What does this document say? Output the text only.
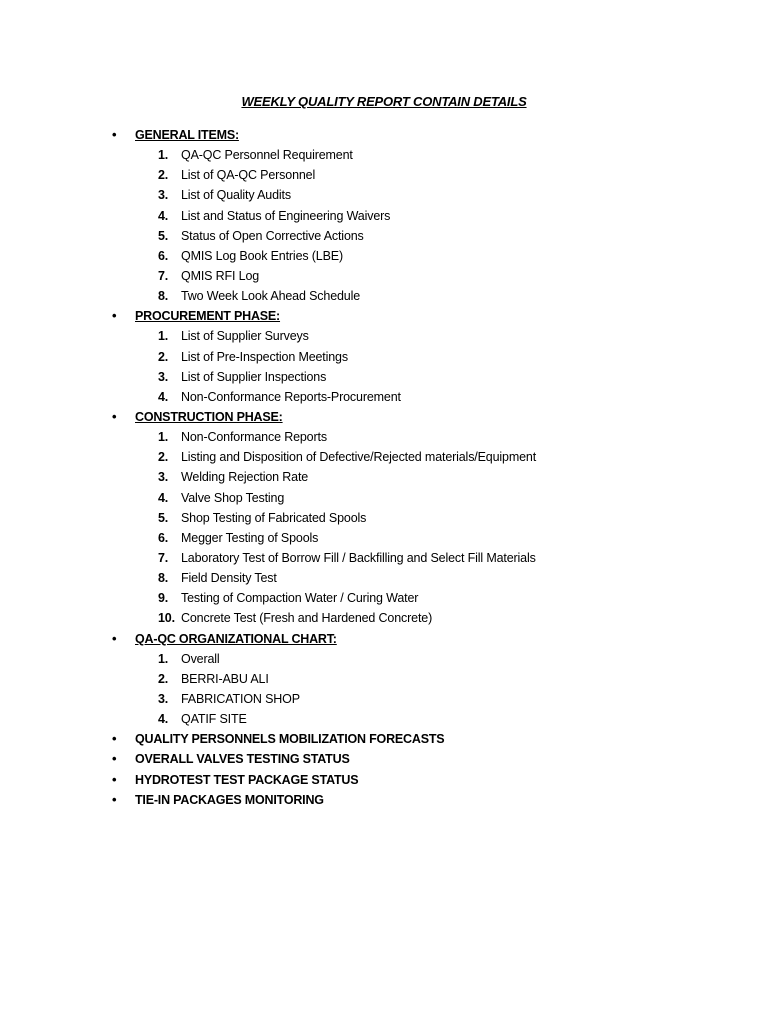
WEEKLY QUALITY REPORT CONTAIN DETAILS
•	GENERAL ITEMS:
1.	QA-QC Personnel Requirement
2.	List of QA-QC Personnel
3.	List of Quality Audits
4.	List and Status of Engineering Waivers
5.	Status of Open Corrective Actions
6.	QMIS Log Book Entries (LBE)
7.	QMIS RFI Log
8.	Two Week Look Ahead Schedule
•	PROCUREMENT PHASE:
1.	List of Supplier Surveys
2.	List of Pre-Inspection Meetings
3.	List of Supplier Inspections
4.	Non-Conformance Reports-Procurement
•	CONSTRUCTION PHASE:
1.	Non-Conformance Reports
2.	Listing and Disposition of Defective/Rejected materials/Equipment
3.	Welding Rejection Rate
4.	Valve Shop Testing
5.	Shop Testing of Fabricated Spools
6.	Megger Testing of Spools
7.	Laboratory Test of Borrow Fill / Backfilling and Select Fill Materials
8.	Field Density Test
9.	Testing of Compaction Water / Curing Water
10. Concrete Test (Fresh and Hardened Concrete)
•	QA-QC ORGANIZATIONAL CHART:
1.	Overall
2.	BERRI-ABU ALI
3.	FABRICATION SHOP
4.	QATIF SITE
•	QUALITY PERSONNELS MOBILIZATION FORECASTS
•	OVERALL VALVES TESTING STATUS
•	HYDROTEST TEST PACKAGE STATUS
•	TIE-IN PACKAGES MONITORING
